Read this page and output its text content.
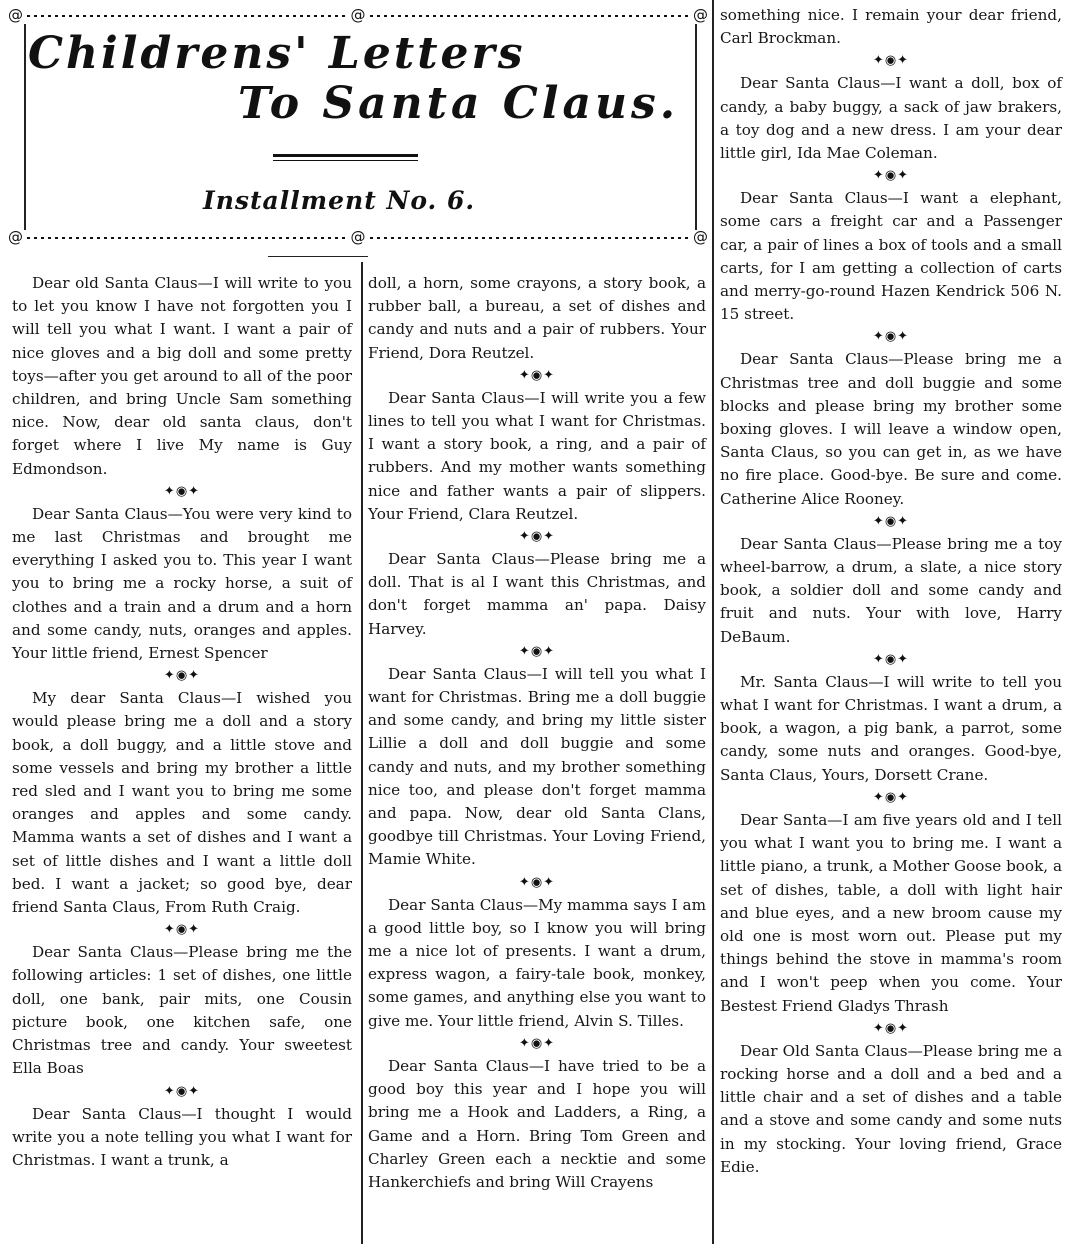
@	@	@
Childrens' Letters
To Santa Claus.
Installment No. 6.
@	@	@

Dear old Santa Claus—I will write to you to let you know I have not forgotten you I will tell you what I want. I want a pair of nice gloves and a big doll and some pretty toys—after you get around to all of the poor children, and bring Uncle Sam something nice. Now, dear old santa claus, don't forget where I live My name is Guy Edmondson.

✦◉✦

Dear Santa Claus—You were very kind to me last Christmas and brought me everything I asked you to. This year I want you to bring me a rocky horse, a suit of clothes and a train and a drum and a horn and some candy, nuts, oranges and apples. Your little friend, Ernest Spencer

✦◉✦

My dear Santa Claus—I wished you would please bring me a doll and a story book, a doll buggy, and a little stove and some vessels and bring my brother a little red sled and I want you to bring me some oranges and apples and some candy. Mamma wants a set of dishes and I want a set of little dishes and I want a little doll bed. I want a jacket; so good bye, dear friend Santa Claus, From Ruth Craig.

✦◉✦

Dear Santa Claus—Please bring me the following articles: 1 set of dishes, one little doll, one bank, pair mits, one Cousin picture book, one kitchen safe, one Christmas tree and candy. Your sweetest Ella Boas

✦◉✦

Dear Santa Claus—I thought I would write you a note telling you what I want for Christmas. I want a trunk, a

doll, a horn, some crayons, a story book, a rubber ball, a bureau, a set of dishes and candy and nuts and a pair of rubbers. Your Friend, Dora Reutzel.

✦◉✦

Dear Santa Claus—I will write you a few lines to tell you what I want for Christmas. I want a story book, a ring, and a pair of rubbers. And my mother wants something nice and father wants a pair of slippers. Your Friend, Clara Reutzel.

✦◉✦

Dear Santa Claus—Please bring me a doll. That is al I want this Christmas, and don't forget mamma an' papa. Daisy Harvey.

✦◉✦

Dear Santa Claus—I will tell you what I want for Christmas. Bring me a doll buggie and some candy, and bring my little sister Lillie a doll and doll buggie and some candy and nuts, and my brother something nice too, and please don't forget mamma and papa. Now, dear old Santa Clans, goodbye till Christmas. Your Loving Friend, Mamie White.

✦◉✦

Dear Santa Claus—My mamma says I am a good little boy, so I know you will bring me a nice lot of presents. I want a drum, express wagon, a fairy-tale book, monkey, some games, and anything else you want to give me. Your little friend, Alvin S. Tilles.

✦◉✦

Dear Santa Claus—I have tried to be a good boy this year and I hope you will bring me a Hook and Ladders, a Ring, a Game and a Horn. Bring Tom Green and Charley Green each a necktie and some Hankerchiefs and bring Will Crayens

something nice. I remain your dear friend, Carl Brockman.

✦◉✦

Dear Santa Claus—I want a doll, box of candy, a baby buggy, a sack of jaw brakers, a toy dog and a new dress. I am your dear little girl, Ida Mae Coleman.

✦◉✦

Dear Santa Claus—I want a elephant, some cars a freight car and a Passenger car, a pair of lines a box of tools and a small carts, for I am getting a collection of carts and merry-go-round Hazen Kendrick 506 N. 15 street.

✦◉✦

Dear Santa Claus—Please bring me a Christmas tree and doll buggie and some blocks and please bring my brother some boxing gloves. I will leave a window open, Santa Claus, so you can get in, as we have no fire place. Good-bye. Be sure and come. Catherine Alice Rooney.

✦◉✦

Dear Santa Claus—Please bring me a toy wheel-barrow, a drum, a slate, a nice story book, a soldier doll and some candy and fruit and nuts. Your with love, Harry DeBaum.

✦◉✦

Mr. Santa Claus—I will write to tell you what I want for Christmas. I want a drum, a book, a wagon, a pig bank, a parrot, some candy, some nuts and oranges. Good-bye, Santa Claus, Yours, Dorsett Crane.

✦◉✦

Dear Santa—I am five years old and I tell you what I want you to bring me. I want a little piano, a trunk, a Mother Goose book, a set of dishes, table, a doll with light hair and blue eyes, and a new broom cause my old one is most worn out. Please put my things behind the stove in mamma's room and I won't peep when you come. Your Bestest Friend Gladys Thrash

✦◉✦

Dear Old Santa Claus—Please bring me a rocking horse and a doll and a bed and a little chair and a set of dishes and a table and a stove and some candy and some nuts in my stocking. Your loving friend, Grace Edie.
